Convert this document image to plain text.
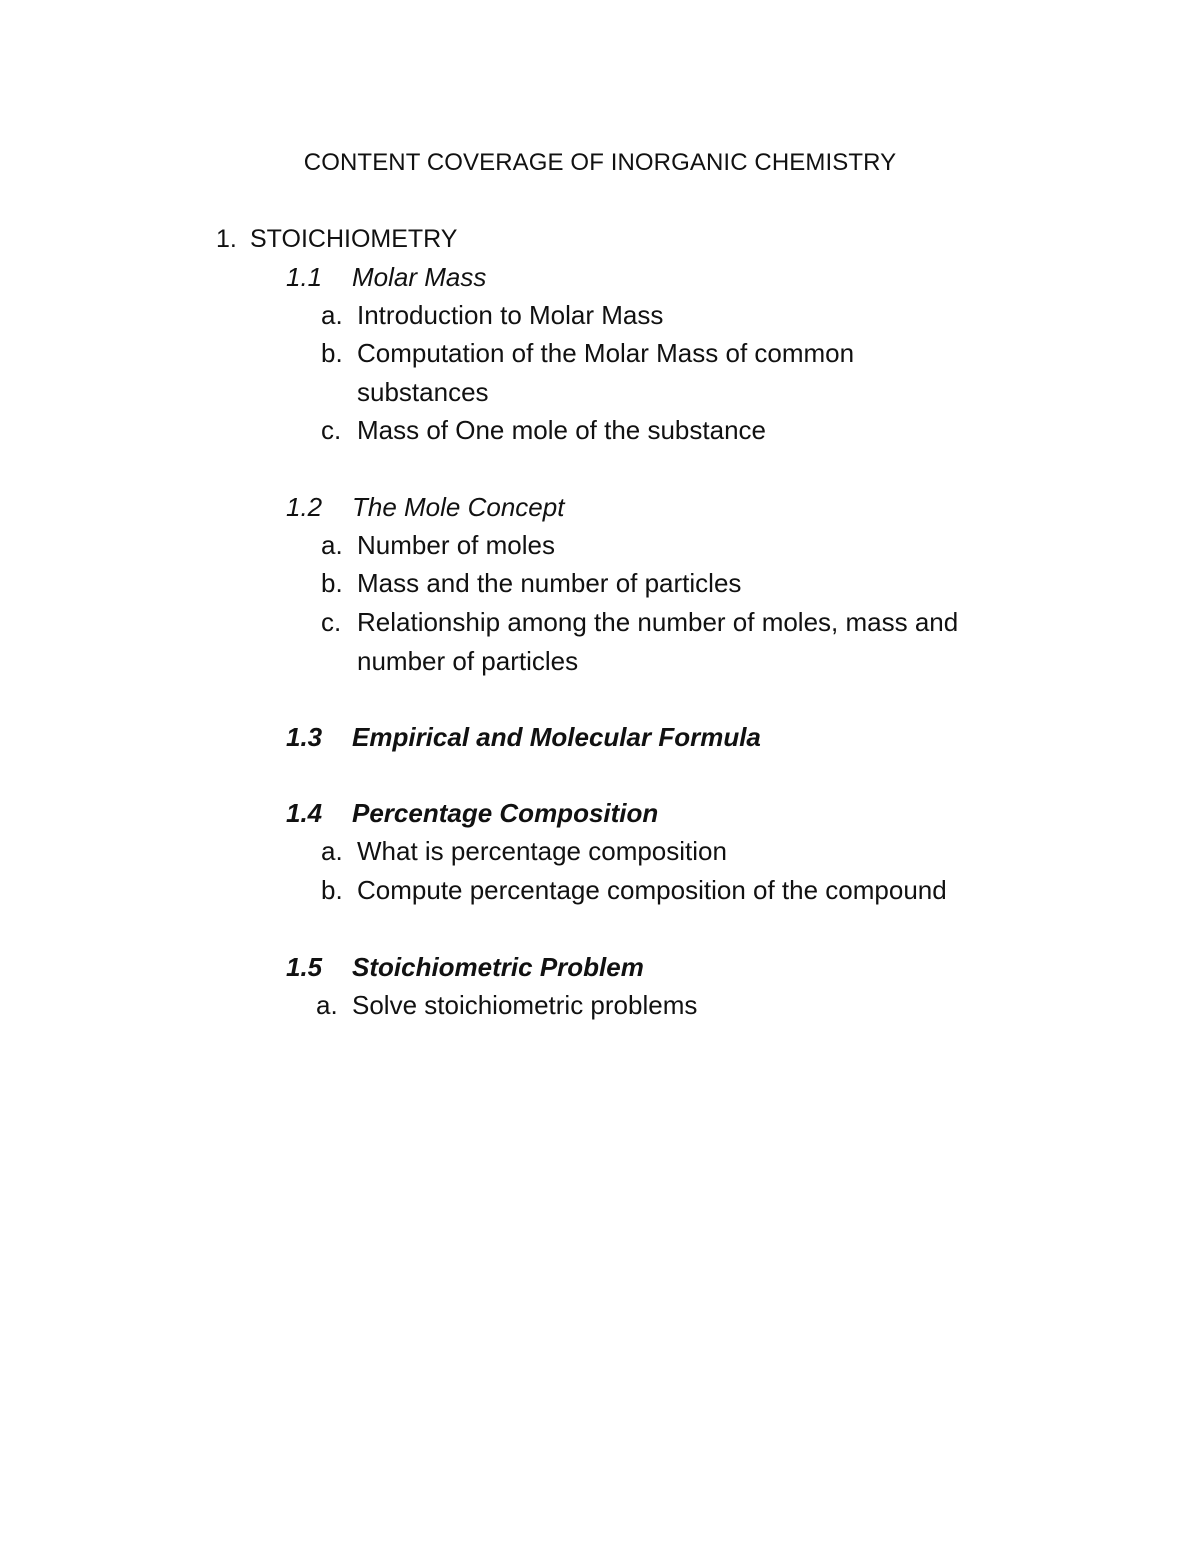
CONTENT COVERAGE OF INORGANIC CHEMISTRY
1. STOICHIOMETRY
1.1 Molar Mass
a. Introduction to Molar Mass
b. Computation of the Molar Mass of common substances
c. Mass of One mole of the substance
1.2 The Mole Concept
a. Number of moles
b. Mass and the number of particles
c. Relationship among the number of moles, mass and number of particles
1.3 Empirical and Molecular Formula
1.4 Percentage Composition
a. What is percentage composition
b. Compute percentage composition of the compound
1.5 Stoichiometric Problem
a. Solve stoichiometric problems
